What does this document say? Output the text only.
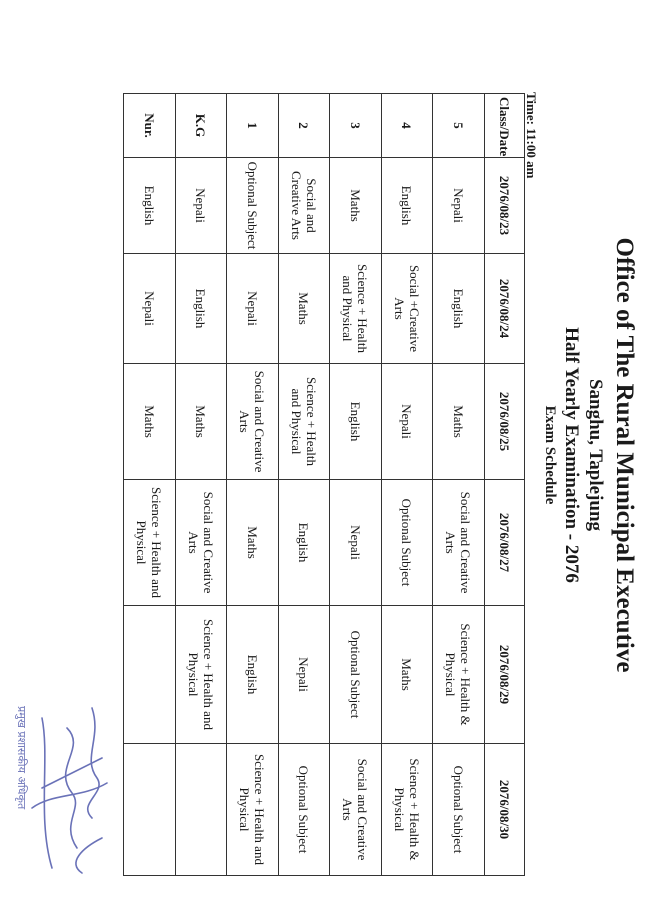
Office of The Rural Municipal Executive
Sanghu, Taplejung
Half Yearly Examination - 2076
Exam Schedule
Time: 11:00 am
Class/Date	2076/08/23	2076/08/24	2076/08/25	2076/08/27	2076/08/29	2076/08/30
5	Nepali	English	Maths	Social and Creative Arts	Science + Health & Physical	Optional Subject
4	English	Social +Creative Arts	Nepali	Optional Subject	Maths	Science + Health & Physical
3	Maths	Science + Health and Physical	English	Nepali	Optional Subject	Social and Creative Arts
2	Social and Creative Arts	Maths	Science + Health and Physical	English	Nepali	Optional Subject
1	Optional Subject	Nepali	Social and Creative Arts	Maths	English	Science + Health and Physical
K.G	Nepali	English	Maths	Social and Creative Arts	Science + Health and Physical	
Nur.	English	Nepali	Maths	Science + Health and Physical		
प्रमुख प्रशासकीय अधिकृत
